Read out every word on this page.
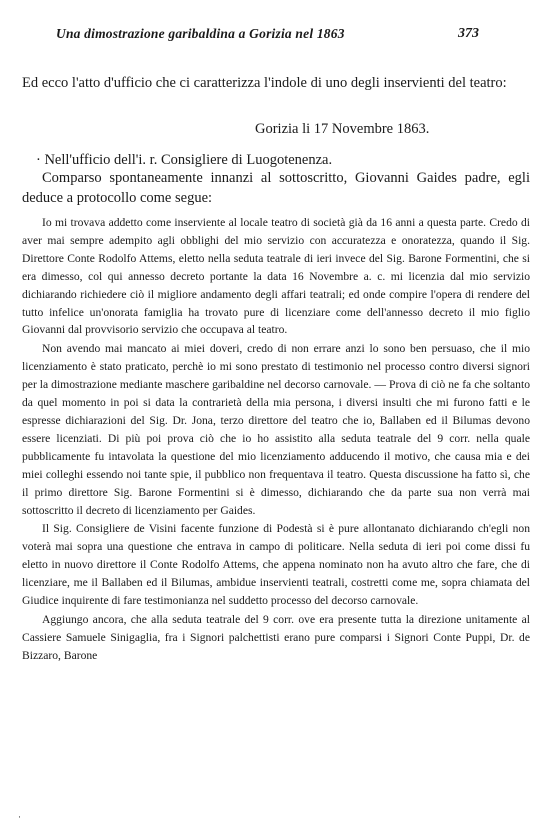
Una dimostrazione garibaldina a Gorizia nel 1863	373
Ed ecco l'atto d'ufficio che ci caratterizza l'indole di uno degli inservienti del teatro:
Gorizia li 17 Novembre 1863.
· Nell'ufficio dell'i. r. Consigliere di Luogotenenza.

Comparso spontaneamente innanzi al sottoscritto, Giovanni Gaides padre, egli deduce a protocollo come segue:

Io mi trovava addetto come inserviente al locale teatro di società già da 16 anni a questa parte. Credo di aver mai sempre adempito agli obblighi del mio servizio con accuratezza e onoratezza, quando il Sig. Direttore Conte Rodolfo Attems, eletto nella seduta teatrale di ieri invece del Sig. Barone Formentini, che si era dimesso, col qui annesso decreto portante la data 16 Novembre a. c. mi licenzia dal mio servizio dichiarando richiedere ciò il migliore andamento degli affari teatrali; ed onde compire l'opera di rendere del tutto infelice un'onorata famiglia ha trovato pure di licenziare come dell'annesso decreto il mio figlio Giovanni dal provvisorio servizio che occupava al teatro.

Non avendo mai mancato ai miei doveri, credo di non errare anzi lo sono ben persuaso, che il mio licenziamento è stato praticato, perchè io mi sono prestato di testimonio nel processo contro diversi signori per la dimostrazione mediante maschere garibaldine nel decorso carnovale. — Prova di ciò ne fa che soltanto da quel momento in poi si data la contrarietà della mia persona, i diversi insulti che mi furono fatti e le espresse dichiarazioni del Sig. Dr. Jona, terzo direttore del teatro che io, Ballaben ed il Bilumas devono essere licenziati. Di più poi prova ciò che io ho assistito alla seduta teatrale del 9 corr. nella quale pubblicamente fu intavolata la questione del mio licenziamento adducendo il motivo, che causa mia e dei miei colleghi essendo noi tante spie, il pubblico non frequentava il teatro. Questa discussione ha fatto sì, che il primo direttore Sig. Barone Formentini si è dimesso, dichiarando che da parte sua non verrà mai sottoscritto il decreto di licenziamento per Gaides.

Il Sig. Consigliere de Visini facente funzione di Podestà si è pure allontanato dichiarando ch'egli non voterà mai sopra una questione che entrava in campo di politicare. Nella seduta di ieri poi come dissi fu eletto in nuovo direttore il Conte Rodolfo Attems, che appena nominato non ha avuto altro che fare, che di licenziare, me il Ballaben ed il Bilumas, ambidue inservienti teatrali, costretti come me, sopra chiamata del Giudice inquirente di fare testimonianza nel suddetto processo del decorso carnovale.

Aggiungo ancora, che alla seduta teatrale del 9 corr. ove era presente tutta la direzione unitamente al Cassiere Samuele Sinigaglia, fra i Signori palchettisti erano pure comparsi i Signori Conte Puppi, Dr. de Bizzaro, Barone

·
